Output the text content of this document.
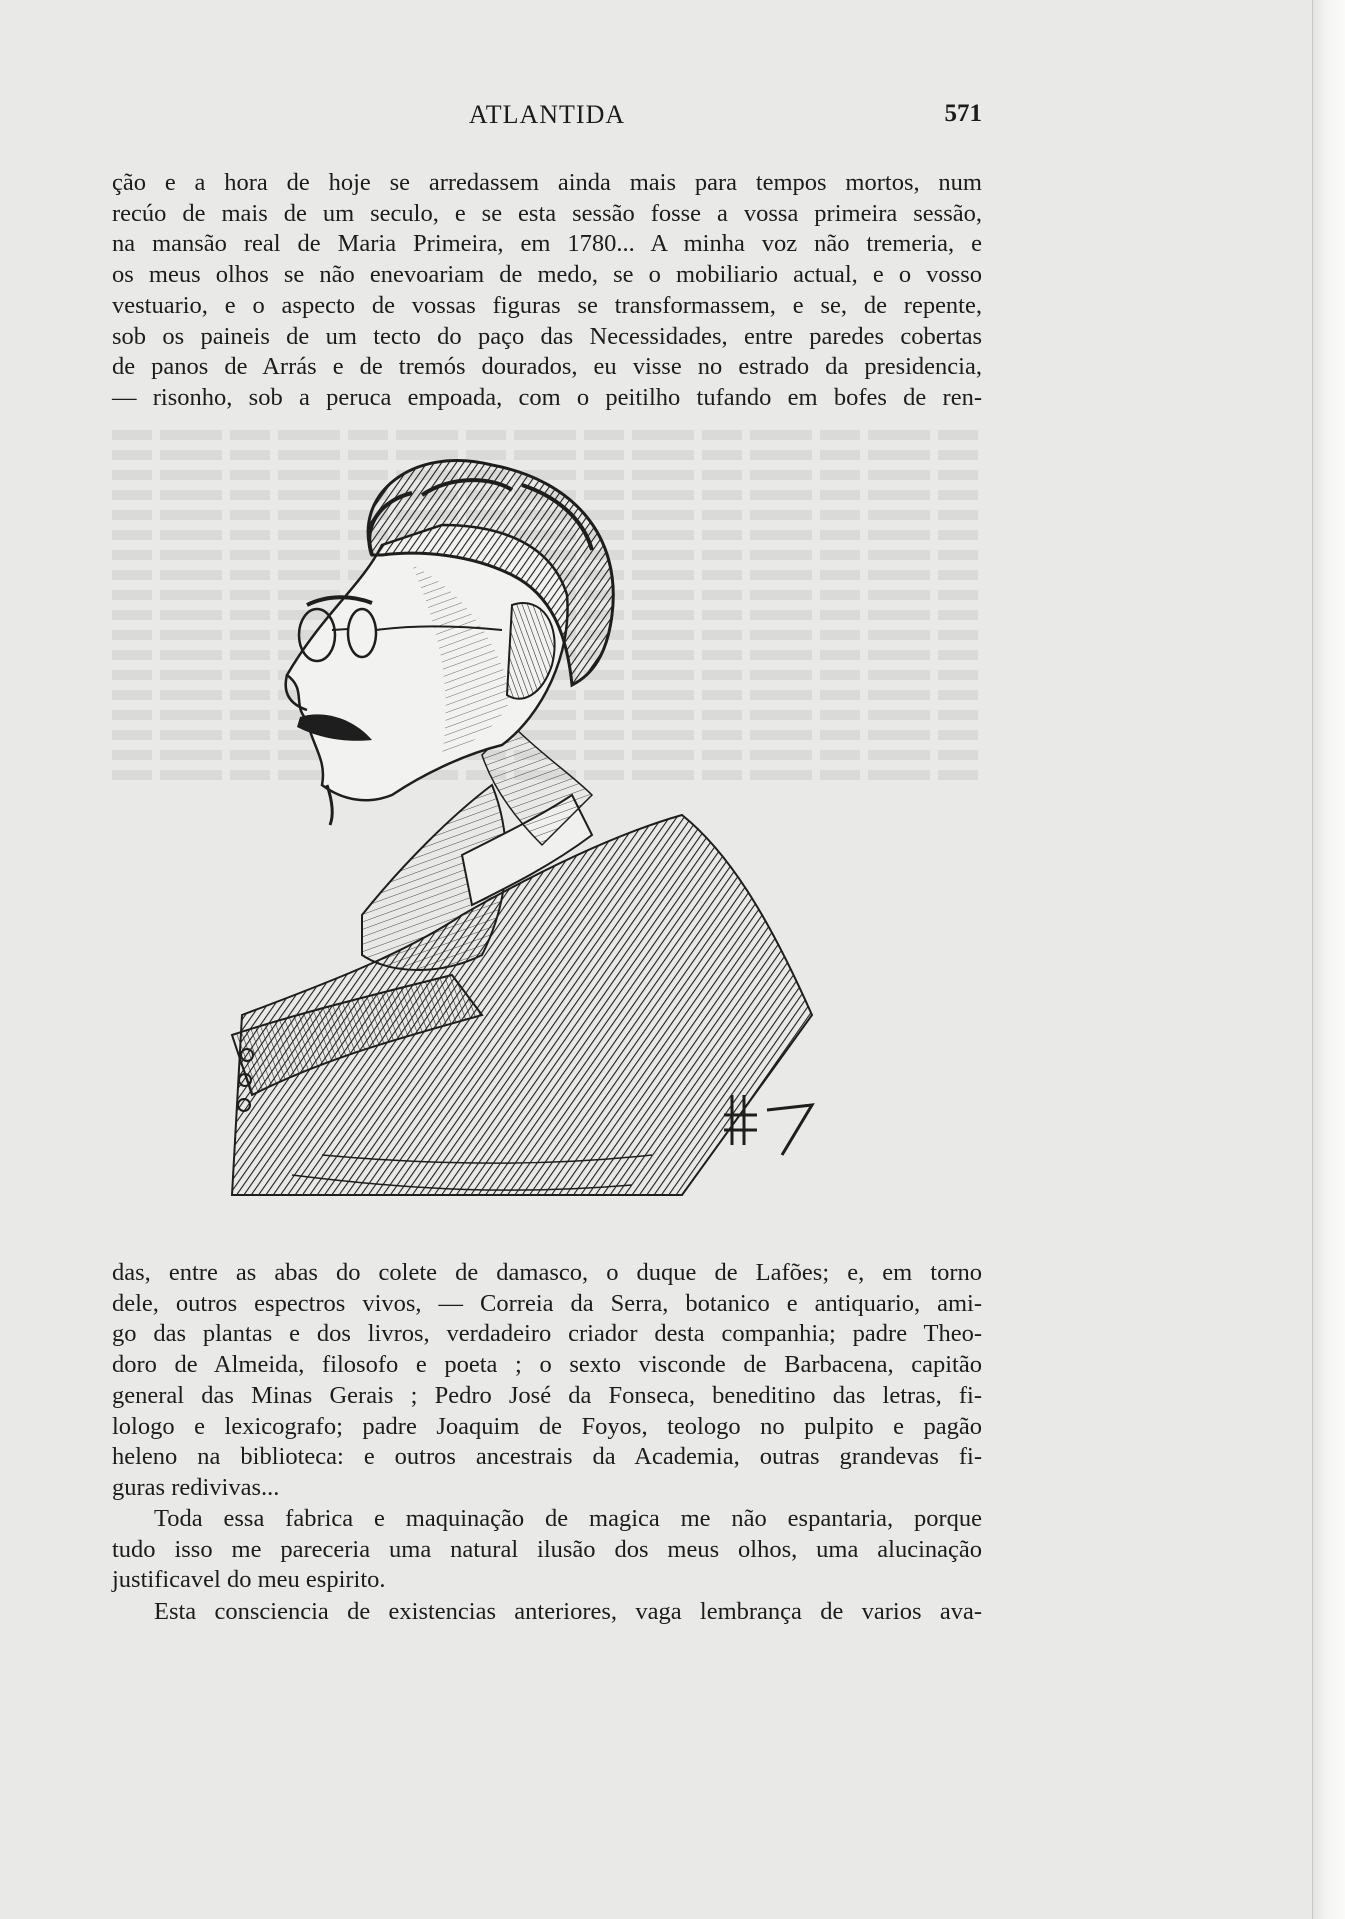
ATLANTIDA	571
ção e a hora de hoje se arredassem ainda mais para tempos mortos, num
recúo de mais de um seculo, e se esta sessão fosse a vossa primeira sessão,
na mansão real de Maria Primeira, em 1780... A minha voz não tremeria, e
os meus olhos se não enevoariam de medo, se o mobiliario actual, e o vosso
vestuario, e o aspecto de vossas figuras se transformassem, e se, de repente,
sob os paineis de um tecto do paço das Necessidades, entre paredes cobertas
de panos de Arrás e de tremós dourados, eu visse no estrado da presidencia,
— risonho, sob a peruca empoada, com o peitilho tufando em bofes de ren-
das, entre as abas do colete de damasco, o duque de Lafões; e, em torno
dele, outros espectros vivos, — Correia da Serra, botanico e antiquario, ami-
go das plantas e dos livros, verdadeiro criador desta companhia; padre Theo-
doro de Almeida, filosofo e poeta ; o sexto visconde de Barbacena, capitão
general das Minas Gerais ; Pedro José da Fonseca, beneditino das letras, fi-
lologo e lexicografo; padre Joaquim de Foyos, teologo no pulpito e pagão
heleno na biblioteca: e outros ancestrais da Academia, outras grandevas fi-
guras redivivas...
Toda essa fabrica e maquinação de magica me não espantaria, porque
tudo isso me pareceria uma natural ilusão dos meus olhos, uma alucinação
justificavel do meu espirito.
Esta consciencia de existencias anteriores, vaga lembrança de varios ava-
